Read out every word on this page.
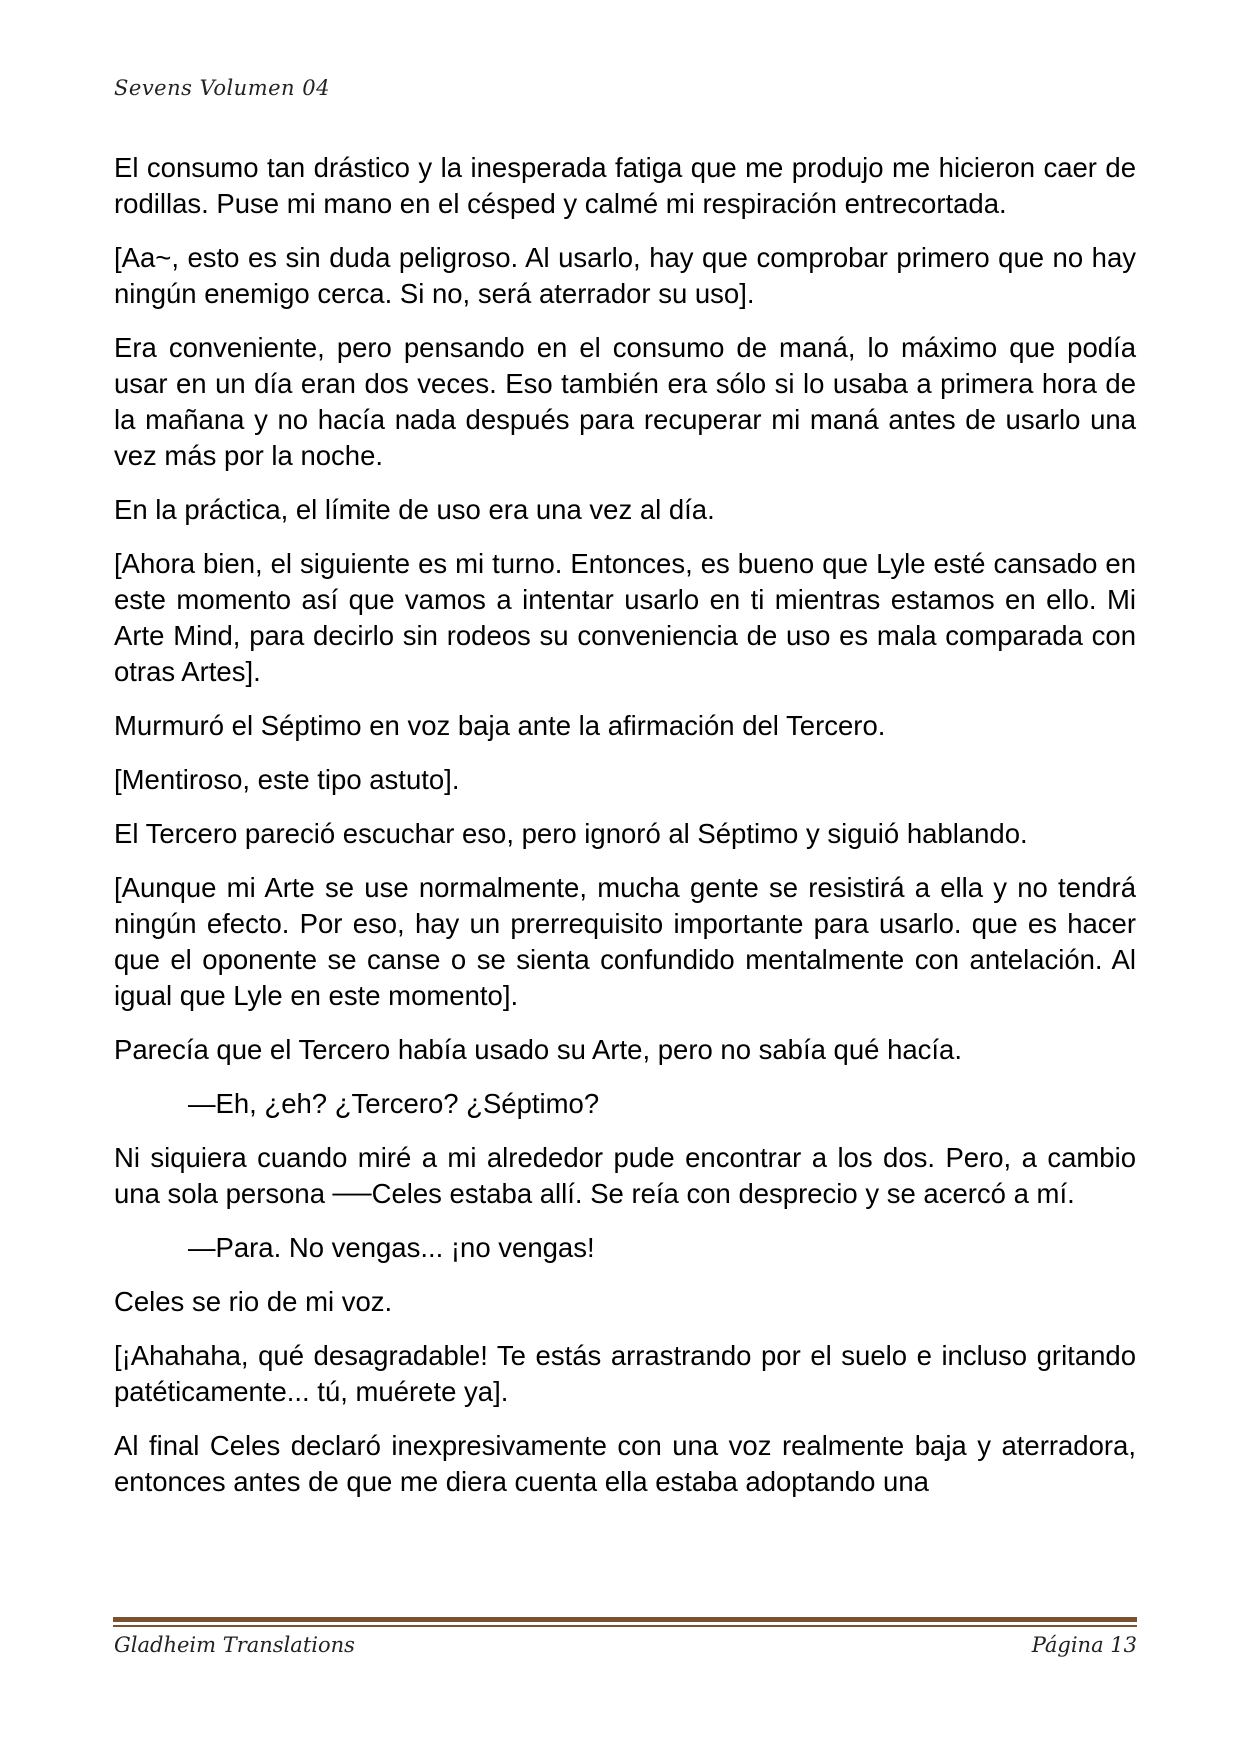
Sevens Volumen 04

El consumo tan drástico y la inesperada fatiga que me produjo me hicieron caer de rodillas. Puse mi mano en el césped y calmé mi respiración entrecortada.

[Aa~, esto es sin duda peligroso. Al usarlo, hay que comprobar primero que no hay ningún enemigo cerca. Si no, será aterrador su uso].

Era conveniente, pero pensando en el consumo de maná, lo máximo que podía usar en un día eran dos veces. Eso también era sólo si lo usaba a primera hora de la mañana y no hacía nada después para recuperar mi maná antes de usarlo una vez más por la noche.

En la práctica, el límite de uso era una vez al día.

[Ahora bien, el siguiente es mi turno. Entonces, es bueno que Lyle esté cansado en este momento así que vamos a intentar usarlo en ti mientras estamos en ello. Mi Arte Mind, para decirlo sin rodeos su conveniencia de uso es mala comparada con otras Artes].

Murmuró el Séptimo en voz baja ante la afirmación del Tercero.

[Mentiroso, este tipo astuto].

El Tercero pareció escuchar eso, pero ignoró al Séptimo y siguió hablando.

[Aunque mi Arte se use normalmente, mucha gente se resistirá a ella y no tendrá ningún efecto. Por eso, hay un prerrequisito importante para usarlo. que es hacer que el oponente se canse o se sienta confundido mentalmente con antelación. Al igual que Lyle en este momento].

Parecía que el Tercero había usado su Arte, pero no sabía qué hacía.

—Eh, ¿eh? ¿Tercero? ¿Séptimo?

Ni siquiera cuando miré a mi alrededor pude encontrar a los dos. Pero, a cambio una sola persona ──Celes estaba allí. Se reía con desprecio y se acercó a mí.

—Para. No vengas... ¡no vengas!

Celes se rio de mi voz.

[¡Ahahaha, qué desagradable! Te estás arrastrando por el suelo e incluso gritando patéticamente... tú, muérete ya].

Al final Celes declaró inexpresivamente con una voz realmente baja y aterradora, entonces antes de que me diera cuenta ella estaba adoptando una

Gladheim Translations	Página 13
